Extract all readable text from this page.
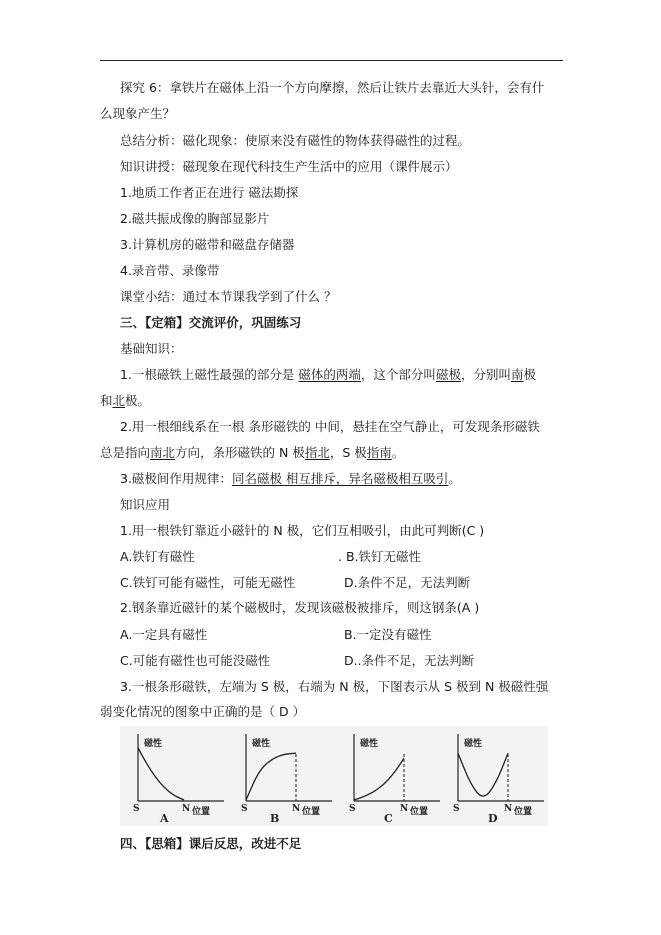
探究 6：拿铁片在磁体上沿一个方向摩擦，然后让铁片去靠近大头针，会有什
么现象产生？
总结分析：磁化现象：使原来没有磁性的物体获得磁性的过程。
知识讲授：磁现象在现代科技生产生活中的应用（课件展示）
1.地质工作者正在进行 磁法勘探
2.磁共振成像的胸部显影片
3.计算机房的磁带和磁盘存储器
4.录音带、录像带
课堂小结：通过本节课我学到了什么 ？
三、【定箱】交流评价，巩固练习
基础知识：
1.一根磁铁上磁性最强的部分是 磁体的两端，这个部分叫磁极，分别叫南极
和北极。
2.用一根细线系在一根 条形磁铁的 中间，悬挂在空气静止，可发现条形磁铁
总是指向南北方向，条形磁铁的 N 极指北，S 极指南。
3.磁极间作用规律：同名磁极 相互排斥，异名磁极相互吸引。
知识应用
1.用一根铁钉靠近小磁针的 N 极，它们互相吸引，由此可判断(C )
A.铁钉有磁性	. B.铁钉无磁性
C.铁钉可能有磁性，可能无磁性	D.条件不足，无法判断
2.钢条靠近磁针的某个磁极时，发现该磁极被排斥，则这钢条(A )
A.一定具有磁性	B.一定没有磁性
C.可能有磁性也可能没磁性	D..条件不足，无法判断
3.一根条形磁铁，左端为 S 极，右端为 N 极，下图表示从 S 极到 N 极磁性强
弱变化情况的图象中正确的是（ D ）
磁性
S	N 位置
A
磁性
S	N 位置
B
磁性
S	N 位置
C
磁性
S	N 位置
D
四、【思箱】课后反思，改进不足
